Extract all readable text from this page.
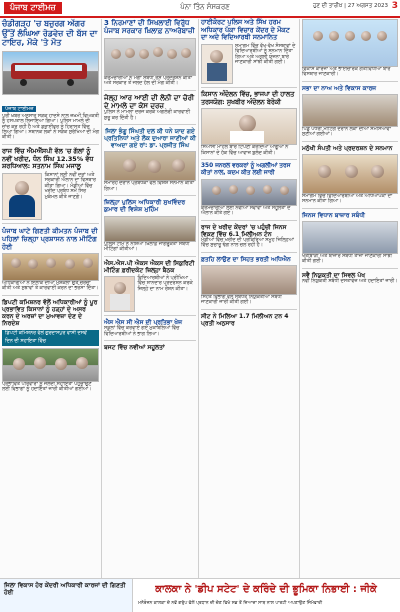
ਪੰਜਾਬ ਟਾਈਮਜ਼	ਪੰਨਾ ਤਿੰਨ ਸੰਸਕਰਣ	ਹੁਣ ਦੀ ਤਾਰੀਖ਼ | 27 ਅਗਸਤ 2023 3
ਚੰਡੀਗੜ੍ਹ 'ਚ ਬਜ਼ੁਰਗ ਅੱਗਰ ਉੱਤੋਂ ਲੰਘਿਆ ਰੋਡਵੇਜ਼ ਦੀ ਬੱਸ ਦਾ ਟਾਇਰ, ਮੌਕੇ 'ਤੇ ਮੌਤ
ਪੰਜਾਬ ਟਾਈਮਜ਼
ਪੂਰੀ ਖ਼ਬਰ ਅਨੁਸਾਰ ਸੜਕ ਹਾਦਸੇ ਨਾਲ ਜ਼ਖ਼ਮੀ ਵਿਅਕਤੀ ਨੂੰ ਹਸਪਤਾਲ ਲਿਜਾਇਆ ਗਿਆ। ਪੁਲਿਸ ਮਾਮਲੇ ਦੀ ਜਾਂਚ ਕਰ ਰਹੀ ਹੈ ਅਤੇ ਡਰਾਈਵਰ ਨੂੰ ਹਿਰਾਸਤ ਵਿੱਚ ਲਿਆ ਗਿਆ। ਸਥਾਨਕ ਲੋਕਾਂ ਨੇ ਸੜਕ ਸੁਰੱਖਿਆ ਦੀ ਮੰਗ ਕੀਤੀ।
ਰਾਜ ਵਿੱਚ ਐਮਐੱਸਪੀ ਵੱਲ 'ਚ ਗੱਲਾਂ ਨੂੰ ਨਵੀਂ ਖਰੀਦ, ਧੰਨ ਸਿੰਘ 12.35% ਵੱਧ ਸ਼ਰਧਿਆਲ: ਸਤਨਾਮ ਸਿੰਘ ਮਜਾਲੂ
ਕਿਸਾਨਾਂ ਲਈ ਨਵੀਂ ਦਰਾਂ ਅਤੇ ਸਰਕਾਰੀ ਐਲਾਨ ਦਾ ਵਿਸਥਾਰ ਕੀਤਾ ਗਿਆ। ਮੰਡੀਆਂ ਵਿੱਚ ਖਰੀਦ ਪ੍ਰਬੰਧ ਸਮੇਂ ਸਿਰ ਮੁਕੰਮਲ ਕੀਤੇ ਜਾਣਗੇ।
ਪੰਜਾਬ ਘਾਟੇ ਗਿਣਤੀ ਕੀਮਤਨ ਪੰਜਾਬ ਦੀ ਪਹਿਲਾਂ ਜ਼ਿਲ੍ਹਾ ਪ੍ਰਸ਼ਾਸਨ ਨਾਲ ਮੀਟਿੰਗ ਹੋਈ
ਅਧਿਕਾਰੀਆਂ ਨੇ ਇਲਾਕੇ ਦੀਆਂ ਮੁਸ਼ਕਲਾਂ ਉਤੇ ਚਰਚਾ ਕੀਤੀ ਅਤੇ ਸੁਝਾਵਾਂ ਤੇ ਕਾਰਵਾਈ ਕਰਨ ਦਾ ਭਰੋਸਾ ਦਿੱਤਾ।
ਡਿਪਟੀ ਕਮਿਸ਼ਨਰ ਵੱਲੋਂ ਅਧਿਕਾਰੀਆਂ ਨੂੰ ਪੂਰ ਪ੍ਰਭਾਵਿਤ ਕਿਸਾਨਾਂ ਨੂੰ ਹੜ੍ਹਾਂ ਦੇ ਅਸਰ ਕਰਨ ਦੇ ਅਰਜ਼ਾਂ ਦਾ ਮੁਆਵਜ਼ਾ ਦੇਣ ਦੇ ਨਿਰਦੇਸ਼
ਡਿਪਟੀ ਕਮਿਸ਼ਨਰ ਵੱਲੋਂ ਗੁਰਦਾਸਪੁਰ ਵਾਸੀ ਦਸਵੇਂ ਦਿਨ ਦੀ ਸਹਾਇਤਾ ਵਿੱਚ
ਪ੍ਰਭਾਵਿਤ ਪਰਿਵਾਰਾਂ ਨੂੰ ਜਲਦੀ ਸਹਾਇਤਾ ਪਹੁੰਚਾਉਣ ਲਈ ਵਿਭਾਗਾਂ ਨੂੰ ਹਦਾਇਤਾਂ ਜਾਰੀ ਕੀਤੀਆਂ ਗਈਆਂ।
3 ਨਿਰਮਾਣਾਂ ਦੀ ਸਿਖਲਾਈ ਵਿਰੁੱਧ ਪੰਜਾਬ ਸਰਕਾਰ ਖ਼ਿਲਾਫ਼ ਨਾਅਰੇਬਾਜ਼ੀ
ਕਰਮਚਾਰੀਆਂ ਨੇ ਮੰਗਾਂ ਸਬੰਧੀ ਰੋਸ ਪ੍ਰਦਰਸ਼ਨ ਕੀਤਾ ਅਤੇ ਸਰਕਾਰ ਤੋਂ ਜਲਦ ਹੱਲ ਦੀ ਮੰਗ ਕੀਤੀ।
ਜੇਲ੍ਹ ਆਰ ਆਈ ਦੀ ਲੋਨੀ ਦਾ ਚੋਰੀ ਦੇ ਮਾਮਲੇ ਦਾ ਕੇਸ ਦਰਜ਼
ਪੁਲਿਸ ਨੇ ਮਾਮਲਾ ਦਰਜ ਕਰਕੇ ਅਗਲੇਰੀ ਕਾਰਵਾਈ ਸ਼ੁਰੂ ਕਰ ਦਿੱਤੀ ਹੈ।
ਜਿਲਾ ਭੰਗੂ ਸਿੰਘਤੀ ਦਲ ਕੀ ਧਨੇ ਯਾਦ ਗਏ ਪ੍ਰਤਿਨਿਧਾਂ ਅਤੇ ਲੋਕ ਦੁਆਰਾ ਜਾਣੀਆਂ ਕੀ ਵਾਅਦਾ ਗਏ ਰਾਂ: ਡਾ. ਪ੍ਰਜੀਤ ਸਿੰਘ
ਸਮਾਰੋਹ ਦੌਰਾਨ ਪ੍ਰਬੰਧਕਾਂ ਵੱਲੋਂ ਵਿਸ਼ੇਸ਼ ਸਨਮਾਨ ਕੀਤਾ ਗਿਆ।
ਜ਼ਿਲ੍ਹਾ ਪੁਲਿਸ ਅਧਿਕਾਰੀ ਸੁਖਵਿੰਦਰ ਕੁਮਾਰ ਦੀ ਵਿਸ਼ੇਸ਼ ਮੁਹਿੰਮ
ਪੁਲਿਸ ਟੀਮ ਨੇ ਨਸ਼ਿਆਂ ਖ਼ਿਲਾਫ਼ ਜਾਗਰੂਕਤਾ ਸਬੰਧੀ ਮੀਟਿੰਗਾਂ ਕੀਤੀਆਂ।
ਐਸ.ਐਸ.ਪੀ ਐਕਸ ਐਕਸ ਦੀ ਸਿਕੁਰਿਟੀ ਮੀਟਿੰਗ ਫ਼ਰੀਦਕੋਟ ਜ਼ਿਲ੍ਹਾ ਬੈਠਕ
ਵਿਦਿਆਰਥੀਆਂ ਨੇ ਪ੍ਰੀਖਿਆ ਵਿੱਚ ਸ਼ਾਨਦਾਰ ਪ੍ਰਦਰਸ਼ਨ ਕਰਕੇ ਜ਼ਿਲ੍ਹੇ ਦਾ ਨਾਮ ਰੌਸ਼ਨ ਕੀਤਾ।
ਐਸ ਐਸ ਸੀ ਐਸ ਦੀ ਪ੍ਰਤਿਭਾ ਖੋਜ
ਸਕੂਲਾਂ ਵਿੱਚ ਕਰਵਾਏ ਗਏ ਮੁਕਾਬਲਿਆਂ ਵਿੱਚ ਵਿਦਿਆਰਥੀਆਂ ਨੇ ਭਾਗ ਲਿਆ।
ਬਜਟ ਵਿੱਚ ਨਵੀਆਂ ਸਹੂਲਤਾਂ
ਹਾਈਕੋਰਟ ਪੁਲਿਸ ਅਤੇ ਸਿੱਖ ਹਰਮ ਅਧਿਕਾਰ ਪੱਕਾ ਵਿਚਾਰ ਕੇਂਦਰ ਦੇ ਮੌਕਟ ਦਾ ਅਦੇ ਵਿਦਿਆਰਥੀ ਸਨਮਾਨਿਤ
ਸਮਾਗਮ ਵਿੱਚ ਵੱਖ-ਵੱਖ ਸੰਸਥਾਵਾਂ ਦੇ ਵਿਦਿਆਰਥੀਆਂ ਨੂੰ ਸਨਮਾਨ ਦਿੱਤਾ ਗਿਆ ਅਤੇ ਅਗਲੀ ਯੋਜਨਾ ਬਾਰੇ ਜਾਣਕਾਰੀ ਸਾਂਝੀ ਕੀਤੀ ਗਈ।
ਕਿਸਾਨ ਅੰਦੋਲਨ ਵਿੱਚ, ਭਾਜਪਾ ਦੀ ਹਾਲਤ ਤਰਸਯੋਗ: ਸੁਖਬੀਰ ਅੰਦੋਲਨ ਬੇਰੋਕੀ
ਸਿਆਸੀ ਮਾਹੌਲ ਬਾਰੇ ਟਿੱਪਣੀ ਕਰਦਿਆਂ ਆਗੂਆਂ ਨੇ ਕਿਸਾਨਾਂ ਦੇ ਹੱਕ ਵਿੱਚ ਆਵਾਜ਼ ਬੁਲੰਦ ਕੀਤੀ।
350 ਜਨਰਲ ਵਰਕਰਾਂ ਨੂੰ ਅਗਲੀਆਂ ਤਰਸ ਕੀਤਾਂ ਨਾਲ, ਕਦਮ ਕੀਤ ਲਈ ਜਾਰੀ
ਕਰਮਚਾਰੀਆਂ ਲਈ ਨਵੀਆਂ ਸੇਵਾਵਾਂ ਅਤੇ ਸਹੂਲਤਾਂ ਦੇ ਐਲਾਨ ਕੀਤੇ ਗਏ।
ਰਾਜ ਦੇ ਖਰੀਦ ਕੇਂਦਰਾਂ 'ਚ ਪਹੁੰਚੀ ਜਿਨਸ ਵਿਕਣ ਵਿੱਚ 6.1 ਮਿਲੀਅਨ ਟੰਨ
ਮੰਡੀਆਂ ਵਿੱਚ ਖਰੀਦ ਦੀ ਪ੍ਰਕਿਰਿਆ ਸਮੂਹ ਜ਼ਿਲ੍ਹਿਆਂ ਵਿੱਚ ਸੁਚਾਰੂ ਢੰਗ ਨਾਲ ਚਲ ਰਹੀ ਹੈ।
ਫ਼ਤਹਿ ਲਾਉਣ ਦਾ ਸਿਹਤ ਭਰਤੀ ਅਧਿਐਨ
ਸਿਹਤ ਵਿਭਾਗ ਵੱਲੋਂ ਸੰਬੰਧਤ ਨਿਯੁਕਤੀਆਂ ਸਬੰਧੀ ਜਾਣਕਾਰੀ ਜਾਰੀ ਕੀਤੀ ਗਈ।
ਸੀਟ ਨੇ ਮਿਲਿਆ 1.7 ਮਿਲੀਅਨ ਟਨ 4 ਪ੍ਰਤੀ ਅਨੁਸਾਰ
ਵਿਕਾਸ ਕਾਰਜਾਂ ਅਤੇ ਭਾਈਚਾਰਕ ਗਤੀਵਿਧੀਆਂ ਬਾਰੇ ਵਿਸਥਾਰ ਜਾਣਕਾਰੀ।
ਸਭਾ ਦਾ ਨਾਅ ਅਤੇ ਵਿਕਾਸ ਕਾਰਜ
ਪਿੰਡ ਪੱਧਰੀ ਮੀਟਿੰਗ ਦੌਰਾਨ ਲੋਕਾਂ ਦੀਆਂ ਸਮੱਸਿਆਵਾਂ ਸੁਣੀਆਂ ਗਈਆਂ।
ਮਨੁੱਖੀ ਸੰਪਤੀ ਅਤੇ ਪ੍ਰਦਰਸ਼ਨ ਦੇ ਸਨਮਾਨ
ਸਮਾਗਮ ਵਿੱਚ ਵਿਦਿਆਰਥੀਆਂ ਅਤੇ ਅਧਿਆਪਕਾਂ ਦਾ ਸਨਮਾਨ ਕੀਤਾ ਗਿਆ।
ਜਿਨਸ ਵਿਧਾਨ ਬਾਜ਼ਾਰ ਸਬੰਧੀ
ਖੇਤੀਬਾੜੀ ਅਤੇ ਬਾਜ਼ਾਰ ਸਬੰਧੀ ਤਾਜ਼ਾ ਜਾਣਕਾਰੀ ਸਾਂਝੀ ਕੀਤੀ ਗਈ।
ਸਵੈ ਨਿਯੁਕਤੀ ਦਾ ਸਿਵਲ ਪੱਖ
ਨਵੀਂ ਨਿਯੁਕਤੀ ਸਬੰਧੀ ਦਸਤਾਵੇਜ਼ ਅਤੇ ਹਦਾਇਤਾਂ ਜਾਰੀ।
ਜਿਲਾ ਵਿਕਾਸ ਹੋਰ ਕੇਂਦਰੀ ਅਧਿਕਾਰੀ ਕਾਰਜਾਂ ਦੀ ਗਿਣਤੀ ਹੋਈ	ਕਾਲਕਾ ਨੇ 'ਡੀਪ ਸਟੇਟ' ਦੇ ਕਰਿੰਦੇ ਦੀ ਭੂਮਿਕਾ ਨਿਭਾਈ : ਜੀਕੇ
ਮਨੋਰੰਜਨ ਕਾਲਕਾ ਦੇ ਨਵੇਂ ਗਰੁੱਪ ਵੱਲੋਂ ਪ੍ਰਧਾਨ ਦੀ ਚੋਣ ਵਿਖੇ ਸਭ ਤੋਂ ਜ਼ਿਆਦਾ ਸਾਥ ਨਾਲ ਪਾਰਟੀ ਅਪਣਾਉਣ ਜਿੰਮੇਵਾਰੀ
